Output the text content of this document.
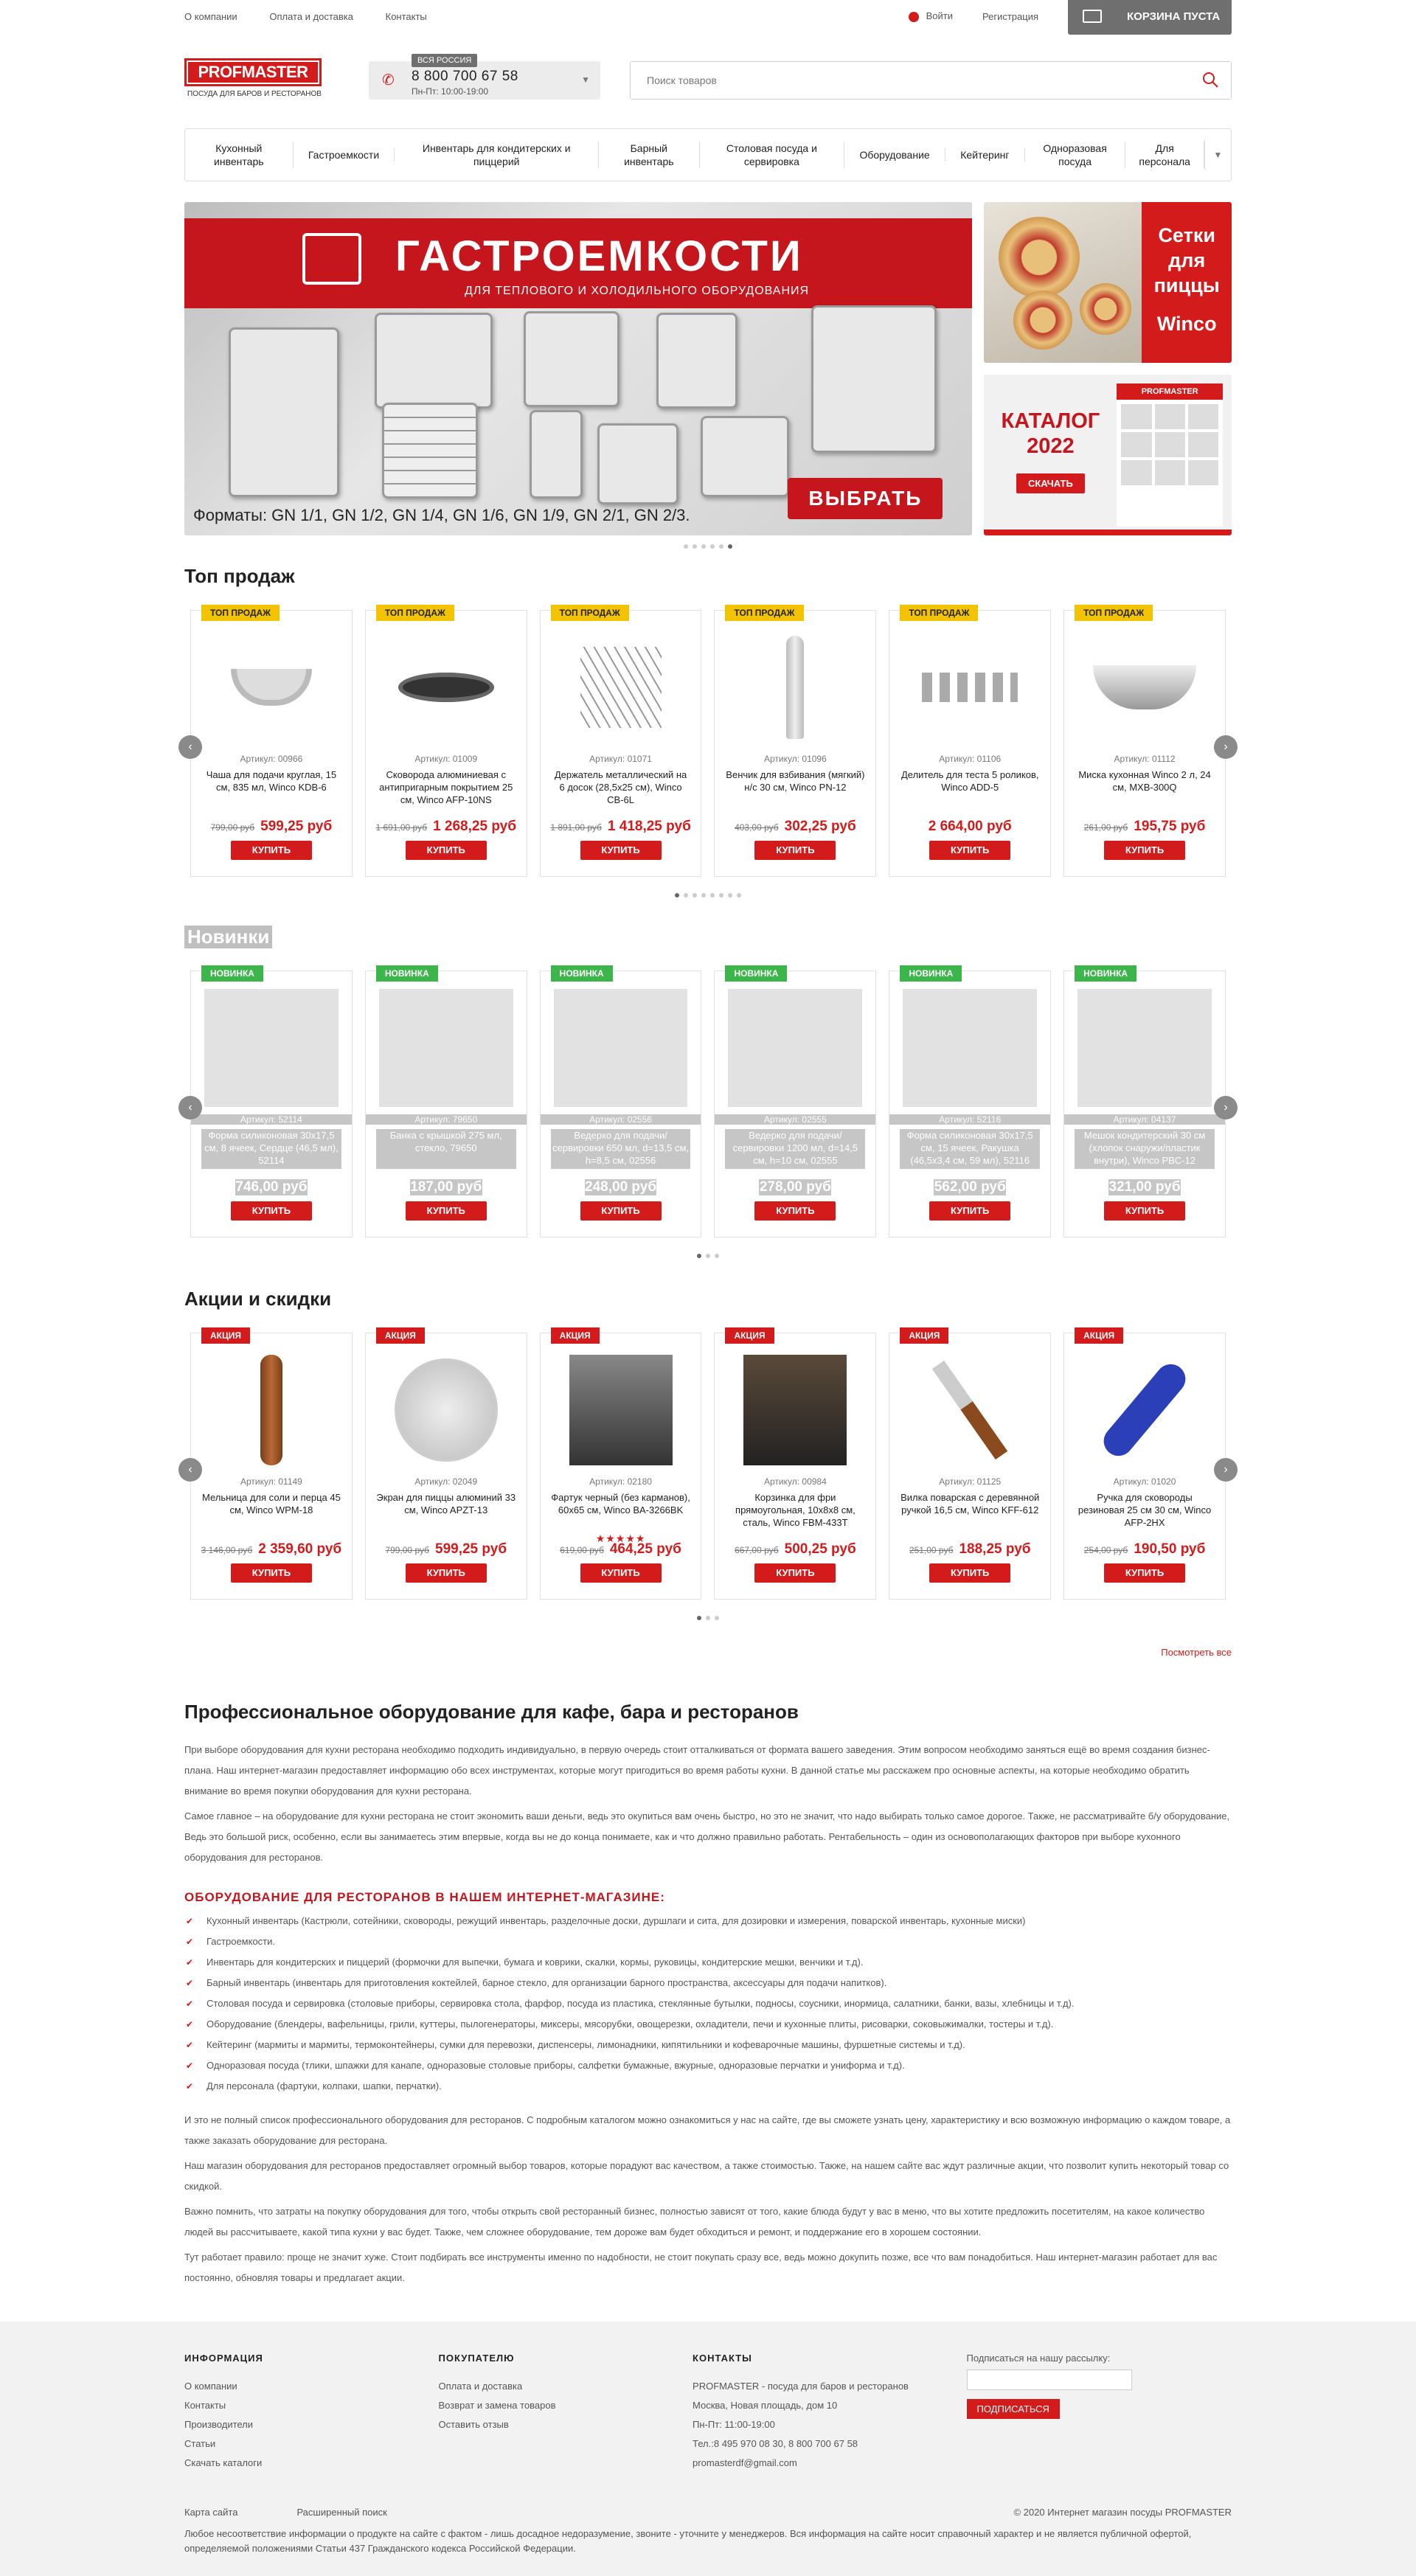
О компании	Оплата и доставка	Контакты	Войти	Регистрация	КОРЗИНА ПУСТА
PROFMASTER
ПОСУДА ДЛЯ БАРОВ И РЕСТОРАНОВ
ВСЯ РОССИЯ
✆ 8 800 700 67 58
Пн-Пт: 10:00-19:00
▼
Поиск товаров
Кухонный инвентарь
Гастроемкости
Инвентарь для кондитерских и пиццерий
Барный инвентарь
Столовая посуда и сервировка
Оборудование	Кейтеринг
Одноразовая посуда
Для персонала
▼
ГАСТРОЕМКОСТИ
ДЛЯ ТЕПЛОВОГО И ХОЛОДИЛЬНОГО ОБОРУДОВАНИЯ
Форматы: GN 1/1, GN 1/2, GN 1/4, GN 1/6, GN 1/9, GN 2/1, GN 2/3.
ВЫБРАТЬ
Сетки
для
пиццы
Winco
КАТАЛОГ
2022
СКАЧАТЬ
PROFMASTER
Топ продаж
‹	›
ТОП ПРОДАЖ
Артикул: 00966
Чаша для подачи круглая, 15 см, 835 мл, Winco KDB-6
799,00 руб 599,25 руб
КУПИТЬ
ТОП ПРОДАЖ
Артикул: 01009
Сковорода алюминиевая с антипригарным покрытием 25 см, Winco AFP-10NS
1 691,00 руб 1 268,25 руб
КУПИТЬ
ТОП ПРОДАЖ
Артикул: 01071
Держатель металлический на 6 досок (28,5х25 см), Winco CB-6L
1 891,00 руб 1 418,25 руб
КУПИТЬ
ТОП ПРОДАЖ
Артикул: 01096
Венчик для взбивания (мягкий) н/с 30 см, Winco PN-12
403,00 руб 302,25 руб
КУПИТЬ
ТОП ПРОДАЖ
Артикул: 01106
Делитель для теста 5 роликов, Winco ADD-5
2 664,00 руб
КУПИТЬ
ТОП ПРОДАЖ
Артикул: 01112
Миска кухонная Winco 2 л, 24 см, MXB-300Q
261,00 руб 195,75 руб
КУПИТЬ
Новинки
‹	›
НОВИНКА
Артикул: 52114
Форма силиконовая 30х17,5 см, 8 ячеек, Сердце (46,5 мл), 52114
746,00 руб
КУПИТЬ
НОВИНКА
Артикул: 79650
Банка с крышкой 275 мл, стекло, 79650
187,00 руб
КУПИТЬ
НОВИНКА
Артикул: 02556
Ведерко для подачи/сервировки 650 мл, d=13,5 см, h=8,5 см, 02556
248,00 руб
КУПИТЬ
НОВИНКА
Артикул: 02555
Ведерко для подачи/сервировки 1200 мл, d=14,5 см, h=10 см, 02555
278,00 руб
КУПИТЬ
НОВИНКА
Артикул: 52116
Форма силиконовая 30х17,5 см, 15 ячеек, Ракушка (46,5х3,4 см, 59 мл), 52116
562,00 руб
КУПИТЬ
НОВИНКА
Артикул: 04137
Мешок кондитерский 30 см (хлопок снаружи/пластик внутри), Winco PBC-12
321,00 руб
КУПИТЬ
Акции и скидки
‹	›
АКЦИЯ
Артикул: 01149
Мельница для соли и перца 45 см, Winco WPM-18
3 146,00 руб 2 359,60 руб
КУПИТЬ
АКЦИЯ
Артикул: 02049
Экран для пиццы алюминий 33 см, Winco APZT-13
799,00 руб 599,25 руб
КУПИТЬ
АКЦИЯ
Артикул: 02180
Фартук черный (без карманов), 60х65 см, Winco BA-3266BK
★★★★★
619,00 руб 464,25 руб
КУПИТЬ
АКЦИЯ
Артикул: 00984
Корзинка для фри прямоугольная, 10х8х8 см, сталь, Winco FBM-433T
667,00 руб 500,25 руб
КУПИТЬ
АКЦИЯ
Артикул: 01125
Вилка поварская с деревянной ручкой 16,5 см, Winco KFF-612
251,00 руб 188,25 руб
КУПИТЬ
АКЦИЯ
Артикул: 01020
Ручка для сковороды резиновая 25 см 30 см, Winco AFP-2HX
254,00 руб 190,50 руб
КУПИТЬ
Посмотреть все
Профессиональное оборудование для кафе, бара и ресторанов

При выборе оборудования для кухни ресторана необходимо подходить индивидуально, в первую очередь стоит отталкиваться от формата вашего заведения. Этим вопросом необходимо заняться ещё во время создания бизнес-плана. Наш интернет-магазин предоставляет информацию обо всех инструментах, которые могут пригодиться во время работы кухни. В данной статье мы расскажем про основные аспекты, на которые необходимо обратить внимание во время покупки оборудования для кухни ресторана.

Самое главное – на оборудование для кухни ресторана не стоит экономить ваши деньги, ведь это окупиться вам очень быстро, но это не значит, что надо выбирать только самое дорогое. Также, не рассматривайте б/у оборудование, Ведь это большой риск, особенно, если вы занимаетесь этим впервые, когда вы не до конца понимаете, как и что должно правильно работать. Рентабельность – один из основополагающих факторов при выборе кухонного оборудования для ресторанов.

ОБОРУДОВАНИЕ ДЛЯ РЕСТОРАНОВ В НАШЕМ ИНТЕРНЕТ-МАГАЗИНЕ:
✔ Кухонный инвентарь (Кастрюли, сотейники, сковороды, режущий инвентарь, разделочные доски, дуршлаги и сита, для дозировки и измерения, поварской инвентарь, кухонные миски)
✔ Гастроемкости.
✔ Инвентарь для кондитерских и пиццерий (формочки для выпечки, бумага и коврики, скалки, кормы, руковицы, кондитерские мешки, венчики и т.д).
✔ Барный инвентарь (инвентарь для приготовления коктейлей, барное стекло, для организации барного пространства, аксессуары для подачи напитков).
✔ Столовая посуда и сервировка (столовые приборы, сервировка стола, фарфор, посуда из пластика, стеклянные бутылки, подносы, соусники, инормица, салатники, банки, вазы, хлебницы и т.д).
✔ Оборудование (блендеры, вафельницы, грили, куттеры, пылогенераторы, миксеры, мясорубки, овощерезки, охладители, печи и кухонные плиты, рисоварки, соковыжималки, тостеры и т.д).
✔ Кейтеринг (мармиты и мармиты, термоконтейнеры, сумки для перевозки, диспенсеры, лимонадники, кипятильники и кофеварочные машины, фуршетные системы и т.д).
✔ Одноразовая посуда (тлики, шпажки для канапе, одноразовые столовые приборы, салфетки бумажные, вжурные, одноразовые перчатки и униформа и т.д).
✔ Для персонала (фартуки, колпаки, шапки, перчатки).

И это не полный список профессионального оборудования для ресторанов. С подробным каталогом можно ознакомиться у нас на сайте, где вы сможете узнать цену, характеристику и всю возможную информацию о каждом товаре, а также заказать оборудование для ресторана.

Наш магазин оборудования для ресторанов предоставляет огромный выбор товаров, которые порадуют вас качеством, а также стоимостью. Также, на нашем сайте вас ждут различные акции, что позволит купить некоторый товар со скидкой.

Важно помнить, что затраты на покупку оборудования для того, чтобы открыть свой ресторанный бизнес, полностью зависят от того, какие блюда будут у вас в меню, что вы хотите предложить посетителям, на какое количество людей вы рассчитываете, какой типа кухни у вас будет. Также, чем сложнее оборудование, тем дороже вам будет обходиться и ремонт, и поддержание его в хорошем состоянии.

Тут работает правило: проще не значит хуже. Стоит подбирать все инструменты именно по надобности, не стоит покупать сразу все, ведь можно докупить позже, все что вам понадобиться. Наш интернет-магазин работает для вас постоянно, обновляя товары и предлагает акции.

ИНФОРМАЦИЯ
О компании
Контакты
Производители
Статьи
Скачать каталоги
ПОКУПАТЕЛЮ
Оплата и доставка
Возврат и замена товаров
Оставить отзыв
КОНТАКТЫ
PROFMASTER - посуда для баров и ресторанов
Москва, Новая площадь, дом 10
Пн-Пт: 11:00-19:00
Тел.:8 495 970 08 30, 8 800 700 67 58
promasterdf@gmail.com
Подписаться на нашу рассылку:
ПОДПИСАТЬСЯ
Карта сайта	Расширенный поиск	© 2020 Интернет магазин посуды PROFMASTER
Любое несоответствие информации о продукте на сайте с фактом - лишь досадное недоразумение, звоните - уточните у менеджеров. Вся информация на сайте носит справочный характер и не является публичной офертой, определяемой положениями Статьи 437 Гражданского кодекса Российской Федерации.
